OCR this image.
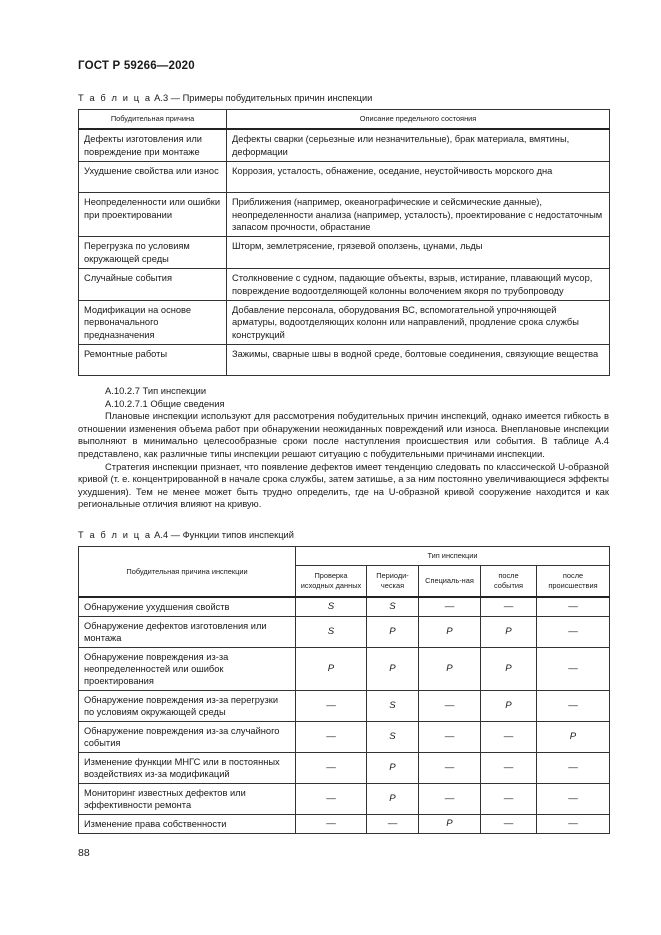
ГОСТ Р 59266—2020
Т а б л и ц а А.3 — Примеры побудительных причин инспекции
Побудительная причина	Описание предельного состояния
Дефекты изготовления или повреждение при монтаже	Дефекты сварки (серьезные или незначительные), брак материала, вмятины, деформации
Ухудшение свойства или износ	Коррозия, усталость, обнажение, оседание, неустойчивость морского дна
Неопределенности или ошибки при проектировании	Приближения (например, океанографические и сейсмические данные), неопределенности анализа (например, усталость), проектирование с недостаточным запасом прочности, обрастание
Перегрузка по условиям окружающей среды	Шторм, землетрясение, грязевой оползень, цунами, льды
Случайные события	Столкновение с судном, падающие объекты, взрыв, истирание, плавающий мусор, повреждение водоотделяющей колонны волочением якоря по трубопроводу
Модификации на основе первоначального предназначения	Добавление персонала, оборудования ВС, вспомогательной упрочняющей арматуры, водоотделяющих колонн или направлений, продление срока службы конструкций
Ремонтные работы	Зажимы, сварные швы в водной среде, болтовые соединения, связующие вещества

А.10.2.7 Тип инспекции

А.10.2.7.1 Общие сведения

Плановые инспекции используют для рассмотрения побудительных причин инспекций, однако имеется гибкость в отношении изменения объема работ при обнаружении неожиданных повреждений или износа. Внеплановые инспекции выполняют в минимально целесообразные сроки после наступления происшествия или события. В таблице А.4 представлено, как различные типы инспекции решают ситуацию с побудительными причинами инспекции.

Стратегия инспекции признает, что появление дефектов имеет тенденцию следовать по классической U-образной кривой (т. е. концентрированной в начале срока службы, затем затишье, а за ним постоянно увеличивающиеся эффекты ухудшения). Тем не менее может быть трудно определить, где на U-образной кривой сооружение находится и как региональные отличия влияют на кривую.

Т а б л и ц а А.4 — Функции типов инспекций
Побудительная причина инспекции	Тип инспекции				
	Проверка исходных данных	Периоди-ческая	Специаль-ная	после события	после происшествия
Обнаружение ухудшения свойств	S	S	—	—	—
Обнаружение дефектов изготовления или монтажа	S	P	P	P	—
Обнаружение повреждения из-за неопределенностей или ошибок проектирования	P	P	P	P	—
Обнаружение повреждения из-за перегрузки по условиям окружающей среды	—	S	—	P	—
Обнаружение повреждения из-за случайного события	—	S	—	—	P
Изменение функции МНГС или в постоянных воздействиях из-за модификаций	—	P	—	—	—
Мониторинг известных дефектов или эффективности ремонта	—	P	—	—	—
Изменение права собственности	—	—	P	—	—
88
